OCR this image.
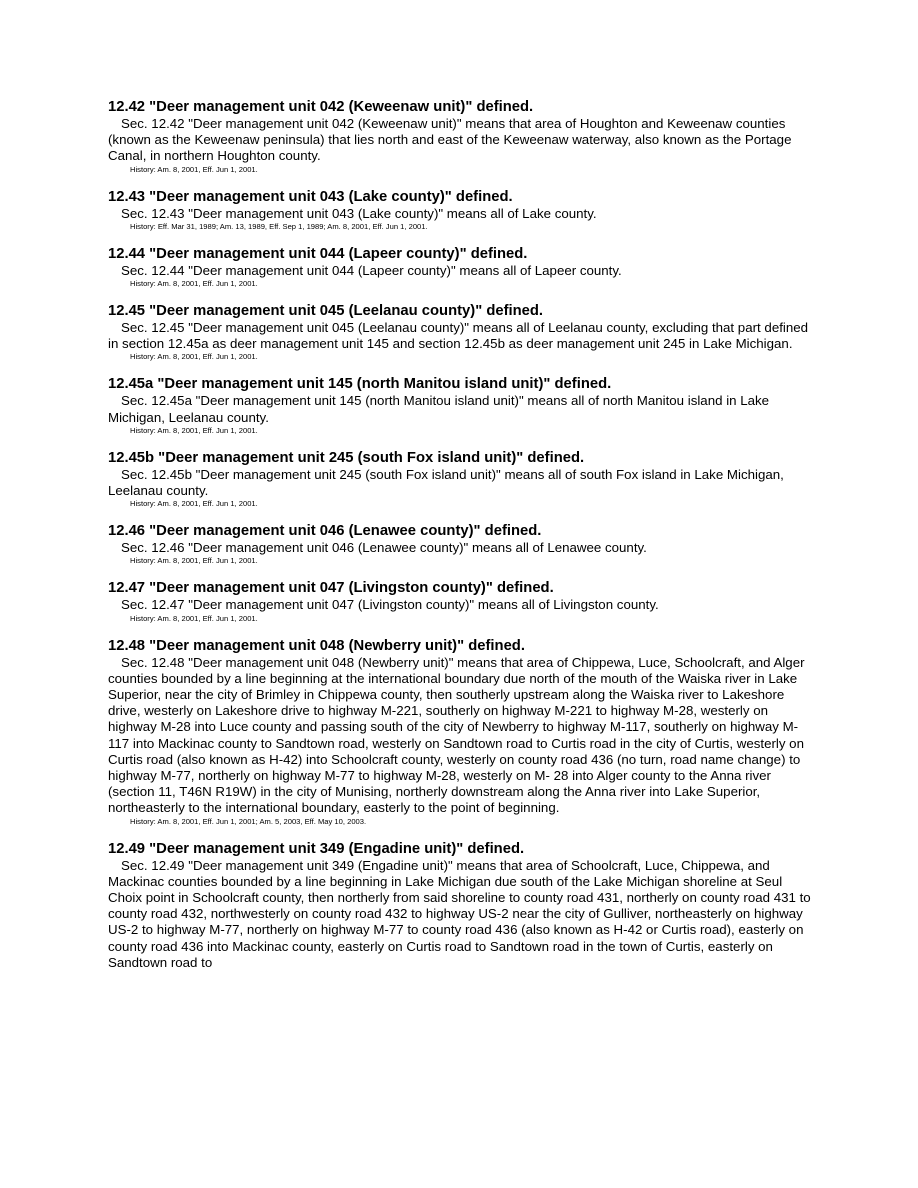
12.42 "Deer management unit 042 (Keweenaw unit)" defined.

Sec. 12.42 "Deer management unit 042 (Keweenaw unit)" means that area of Houghton and Keweenaw counties (known as the Keweenaw peninsula) that lies north and east of the Keweenaw waterway, also known as the Portage Canal, in northern Houghton county.

History: Am. 8, 2001, Eff. Jun 1, 2001.

12.43 "Deer management unit 043 (Lake county)" defined.

Sec. 12.43 "Deer management unit 043 (Lake county)" means all of Lake county.

History: Eff. Mar 31, 1989; Am. 13, 1989, Eff. Sep 1, 1989; Am. 8, 2001, Eff. Jun 1, 2001.

12.44 "Deer management unit 044 (Lapeer county)" defined.

Sec. 12.44 "Deer management unit 044 (Lapeer county)" means all of Lapeer county.

History: Am. 8, 2001, Eff. Jun 1, 2001.

12.45 "Deer management unit 045 (Leelanau county)" defined.

Sec. 12.45 "Deer management unit 045 (Leelanau county)" means all of Leelanau county, excluding that part defined in section 12.45a as deer management unit 145 and section 12.45b as deer management unit 245 in Lake Michigan.

History: Am. 8, 2001, Eff. Jun 1, 2001.

12.45a "Deer management unit 145 (north Manitou island unit)" defined.

Sec. 12.45a "Deer management unit 145 (north Manitou island unit)" means all of north Manitou island in Lake Michigan, Leelanau county.

History: Am. 8, 2001, Eff. Jun 1, 2001.

12.45b "Deer management unit 245 (south Fox island unit)" defined.

Sec. 12.45b "Deer management unit 245 (south Fox island unit)" means all of south Fox island in Lake Michigan, Leelanau county.

History: Am. 8, 2001, Eff. Jun 1, 2001.

12.46 "Deer management unit 046 (Lenawee county)" defined.

Sec. 12.46 "Deer management unit 046 (Lenawee county)" means all of Lenawee county.

History: Am. 8, 2001, Eff. Jun 1, 2001.

12.47 "Deer management unit 047 (Livingston county)" defined.

Sec. 12.47 "Deer management unit 047 (Livingston county)" means all of Livingston county.

History: Am. 8, 2001, Eff. Jun 1, 2001.

12.48 "Deer management unit 048 (Newberry unit)" defined.

Sec. 12.48 "Deer management unit 048 (Newberry unit)" means that area of Chippewa, Luce, Schoolcraft, and Alger counties bounded by a line beginning at the international boundary due north of the mouth of the Waiska river in Lake Superior, near the city of Brimley in Chippewa county, then southerly upstream along the Waiska river to Lakeshore drive, westerly on Lakeshore drive to highway M-221, southerly on highway M-221 to highway M-28, westerly on highway M-28 into Luce county and passing south of the city of Newberry to highway M-117, southerly on highway M-117 into Mackinac county to Sandtown road, westerly on Sandtown road to Curtis road in the city of Curtis, westerly on Curtis road (also known as H-42) into Schoolcraft county, westerly on county road 436 (no turn, road name change) to highway M-77, northerly on highway M-77 to highway M-28, westerly on M- 28 into Alger county to the Anna river (section 11, T46N R19W) in the city of Munising, northerly downstream along the Anna river into Lake Superior, northeasterly to the international boundary, easterly to the point of beginning.

History: Am. 8, 2001, Eff. Jun 1, 2001; Am. 5, 2003, Eff. May 10, 2003.

12.49 "Deer management unit 349 (Engadine unit)" defined.

Sec. 12.49 "Deer management unit 349 (Engadine unit)" means that area of Schoolcraft, Luce, Chippewa, and Mackinac counties bounded by a line beginning in Lake Michigan due south of the Lake Michigan shoreline at Seul Choix point in Schoolcraft county, then northerly from said shoreline to county road 431, northerly on county road 431 to county road 432, northwesterly on county road 432 to highway US-2 near the city of Gulliver, northeasterly on highway US-2 to highway M-77, northerly on highway M-77 to county road 436 (also known as H-42 or Curtis road), easterly on county road 436 into Mackinac county, easterly on Curtis road to Sandtown road in the town of Curtis, easterly on Sandtown road to
